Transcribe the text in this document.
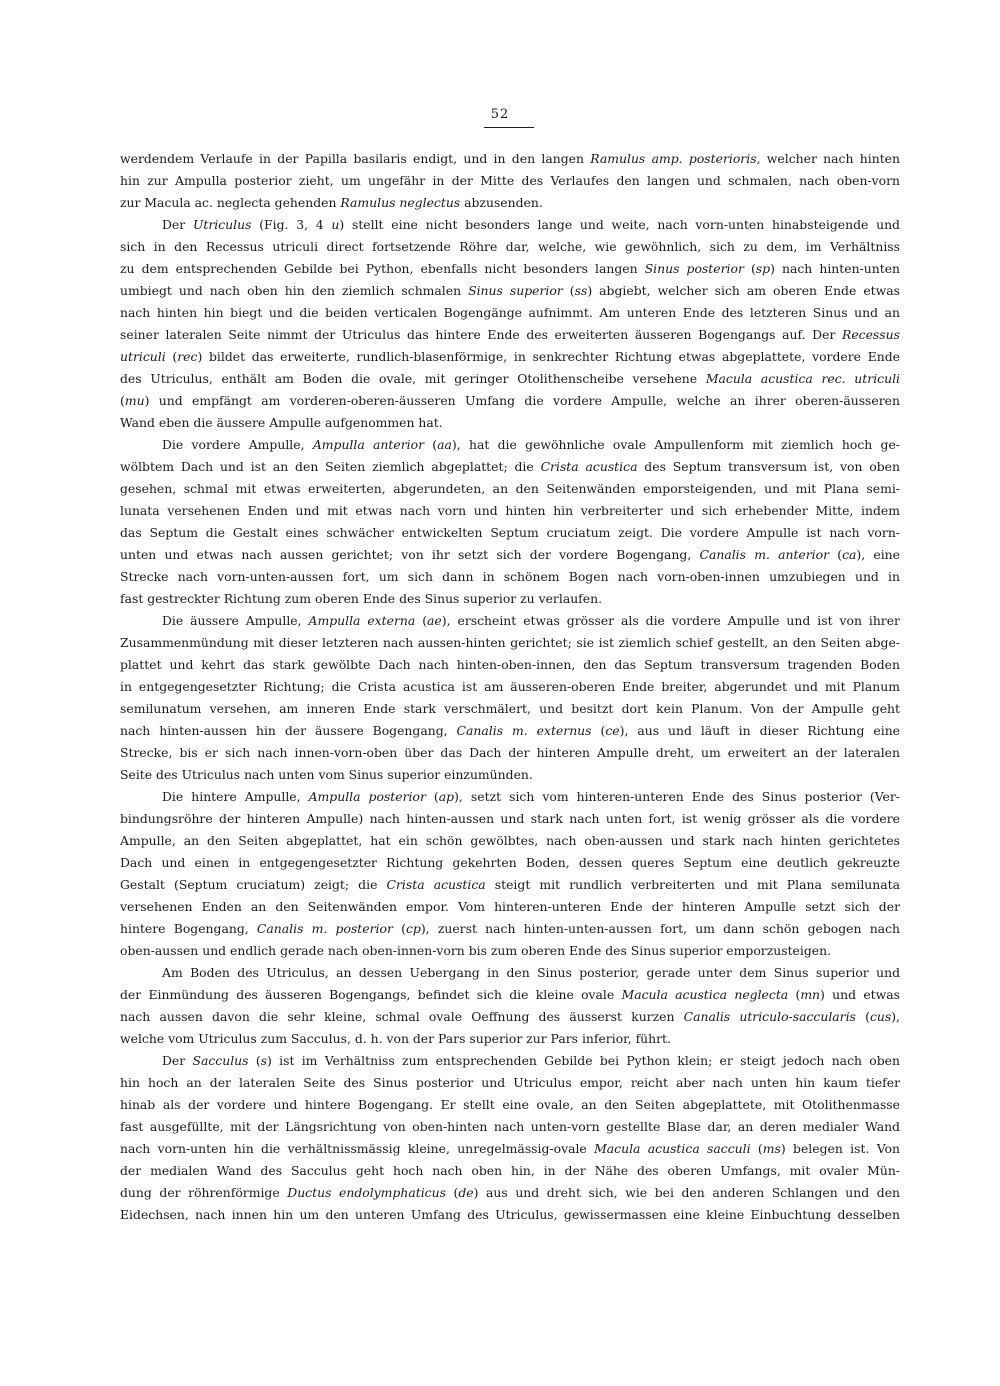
52
werdendem Verlaufe in der Papilla basilaris endigt, und in den langen Ramulus amp. posterioris, welcher nach hinten
hin zur Ampulla posterior zieht, um ungefähr in der Mitte des Verlaufes den langen und schmalen, nach oben-vorn
zur Macula ac. neglecta gehenden Ramulus neglectus abzusenden.
Der Utriculus (Fig. 3, 4 u) stellt eine nicht besonders lange und weite, nach vorn-unten hinabsteigende und
sich in den Recessus utriculi direct fortsetzende Röhre dar, welche, wie gewöhnlich, sich zu dem, im Verhältniss
zu dem entsprechenden Gebilde bei Python, ebenfalls nicht besonders langen Sinus posterior (sp) nach hinten-unten
umbiegt und nach oben hin den ziemlich schmalen Sinus superior (ss) abgiebt, welcher sich am oberen Ende etwas
nach hinten hin biegt und die beiden verticalen Bogengänge aufnimmt. Am unteren Ende des letzteren Sinus und an
seiner lateralen Seite nimmt der Utriculus das hintere Ende des erweiterten äusseren Bogengangs auf. Der Recessus
utriculi (rec) bildet das erweiterte, rundlich-blasenförmige, in senkrechter Richtung etwas abgeplattete, vordere Ende
des Utriculus, enthält am Boden die ovale, mit geringer Otolithenscheibe versehene Macula acustica rec. utriculi
(mu) und empfängt am vorderen-oberen-äusseren Umfang die vordere Ampulle, welche an ihrer oberen-äusseren
Wand eben die äussere Ampulle aufgenommen hat.
Die vordere Ampulle, Ampulla anterior (aa), hat die gewöhnliche ovale Ampullenform mit ziemlich hoch ge-
wölbtem Dach und ist an den Seiten ziemlich abgeplattet; die Crista acustica des Septum transversum ist, von oben
gesehen, schmal mit etwas erweiterten, abgerundeten, an den Seitenwänden emporsteigenden, und mit Plana semi-
lunata versehenen Enden und mit etwas nach vorn und hinten hin verbreiterter und sich erhebender Mitte, indem
das Septum die Gestalt eines schwächer entwickelten Septum cruciatum zeigt. Die vordere Ampulle ist nach vorn-
unten und etwas nach aussen gerichtet; von ihr setzt sich der vordere Bogengang, Canalis m. anterior (ca), eine
Strecke nach vorn-unten-aussen fort, um sich dann in schönem Bogen nach vorn-oben-innen umzubiegen und in
fast gestreckter Richtung zum oberen Ende des Sinus superior zu verlaufen.
Die äussere Ampulle, Ampulla externa (ae), erscheint etwas grösser als die vordere Ampulle und ist von ihrer
Zusammenmündung mit dieser letzteren nach aussen-hinten gerichtet; sie ist ziemlich schief gestellt, an den Seiten abge-
plattet und kehrt das stark gewölbte Dach nach hinten-oben-innen, den das Septum transversum tragenden Boden
in entgegengesetzter Richtung; die Crista acustica ist am äusseren-oberen Ende breiter, abgerundet und mit Planum
semilunatum versehen, am inneren Ende stark verschmälert, und besitzt dort kein Planum. Von der Ampulle geht
nach hinten-aussen hin der äussere Bogengang, Canalis m. externus (ce), aus und läuft in dieser Richtung eine
Strecke, bis er sich nach innen-vorn-oben über das Dach der hinteren Ampulle dreht, um erweitert an der lateralen
Seite des Utriculus nach unten vom Sinus superior einzumünden.
Die hintere Ampulle, Ampulla posterior (ap), setzt sich vom hinteren-unteren Ende des Sinus posterior (Ver-
bindungsröhre der hinteren Ampulle) nach hinten-aussen und stark nach unten fort, ist wenig grösser als die vordere
Ampulle, an den Seiten abgeplattet, hat ein schön gewölbtes, nach oben-aussen und stark nach hinten gerichtetes
Dach und einen in entgegengesetzter Richtung gekehrten Boden, dessen queres Septum eine deutlich gekreuzte
Gestalt (Septum cruciatum) zeigt; die Crista acustica steigt mit rundlich verbreiterten und mit Plana semilunata
versehenen Enden an den Seitenwänden empor. Vom hinteren-unteren Ende der hinteren Ampulle setzt sich der
hintere Bogengang, Canalis m. posterior (cp), zuerst nach hinten-unten-aussen fort, um dann schön gebogen nach
oben-aussen und endlich gerade nach oben-innen-vorn bis zum oberen Ende des Sinus superior emporzusteigen.
Am Boden des Utriculus, an dessen Uebergang in den Sinus posterior, gerade unter dem Sinus superior und
der Einmündung des äusseren Bogengangs, befindet sich die kleine ovale Macula acustica neglecta (mn) und etwas
nach aussen davon die sehr kleine, schmal ovale Oeffnung des äusserst kurzen Canalis utriculo-saccularis (cus),
welche vom Utriculus zum Sacculus, d. h. von der Pars superior zur Pars inferior, führt.
Der Sacculus (s) ist im Verhältniss zum entsprechenden Gebilde bei Python klein; er steigt jedoch nach oben
hin hoch an der lateralen Seite des Sinus posterior und Utriculus empor, reicht aber nach unten hin kaum tiefer
hinab als der vordere und hintere Bogengang. Er stellt eine ovale, an den Seiten abgeplattete, mit Otolithenmasse
fast ausgefüllte, mit der Längsrichtung von oben-hinten nach unten-vorn gestellte Blase dar, an deren medialer Wand
nach vorn-unten hin die verhältnissmässig kleine, unregelmässig-ovale Macula acustica sacculi (ms) belegen ist. Von
der medialen Wand des Sacculus geht hoch nach oben hin, in der Nähe des oberen Umfangs, mit ovaler Mün-
dung der röhrenförmige Ductus endolymphaticus (de) aus und dreht sich, wie bei den anderen Schlangen und den
Eidechsen, nach innen hin um den unteren Umfang des Utriculus, gewissermassen eine kleine Einbuchtung desselben
